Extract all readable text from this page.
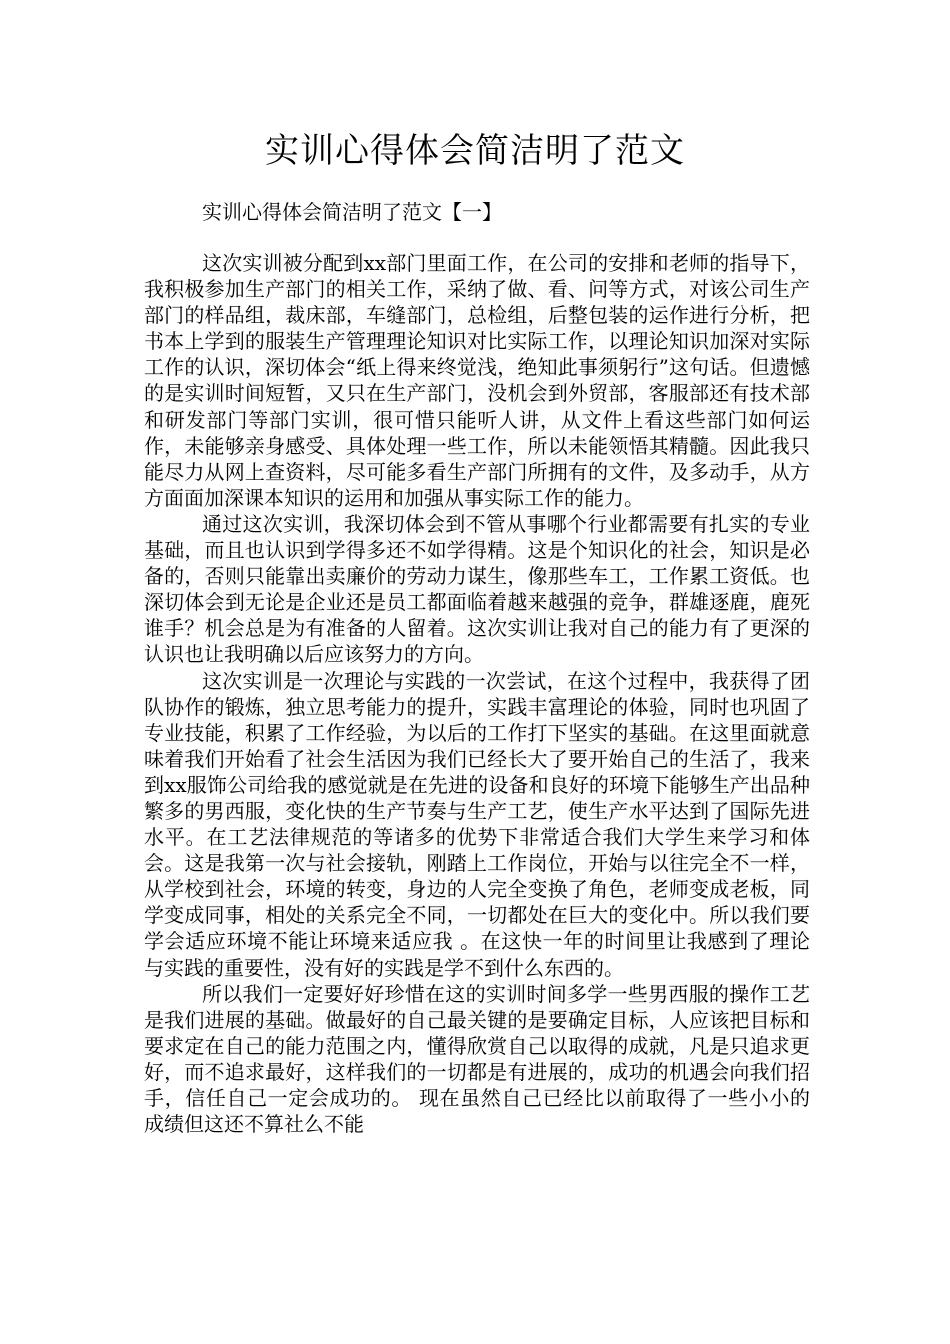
实训心得体会简洁明了范文
实训心得体会简洁明了范文【一】

这次实训被分配到xx部门里面工作，在公司的安排和老师的指导下，我积极参加生产部门的相关工作，采纳了做、看、问等方式，对该公司生产部门的样品组，裁床部，车缝部门，总检组，后整包装的运作进行分析，把书本上学到的服装生产管理理论知识对比实际工作，以理论知识加深对实际工作的认识，深切体会“纸上得来终觉浅，绝知此事须躬行”这句话。但遗憾的是实训时间短暂，又只在生产部门，没机会到外贸部，客服部还有技术部和研发部门等部门实训，很可惜只能听人讲，从文件上看这些部门如何运作，未能够亲身感受、具体处理一些工作，所以未能领悟其精髓。因此我只能尽力从网上查资料，尽可能多看生产部门所拥有的文件，及多动手，从方方面面加深课本知识的运用和加强从事实际工作的能力。

通过这次实训，我深切体会到不管从事哪个行业都需要有扎实的专业基础，而且也认识到学得多还不如学得精。这是个知识化的社会，知识是必备的，否则只能靠出卖廉价的劳动力谋生，像那些车工，工作累工资低。也深切体会到无论是企业还是员工都面临着越来越强的竞争，群雄逐鹿，鹿死谁手？机会总是为有准备的人留着。这次实训让我对自己的能力有了更深的认识也让我明确以后应该努力的方向。

这次实训是一次理论与实践的一次尝试，在这个过程中，我获得了团队协作的锻炼，独立思考能力的提升，实践丰富理论的体验，同时也巩固了专业技能，积累了工作经验，为以后的工作打下坚实的基础。在这里面就意味着我们开始看了社会生活因为我们已经长大了要开始自己的生活了，我来到xx服饰公司给我的感觉就是在先进的设备和良好的环境下能够生产出品种繁多的男西服，变化快的生产节奏与生产工艺，使生产水平达到了国际先进水平。在工艺法律规范的等诸多的优势下非常适合我们大学生来学习和体会。这是我第一次与社会接轨，刚踏上工作岗位，开始与以往完全不一样，从学校到社会，环境的转变，身边的人完全变换了角色，老师变成老板，同学变成同事，相处的关系完全不同，一切都处在巨大的变化中。所以我们要学会适应环境不能让环境来适应我 。在这快一年的时间里让我感到了理论与实践的重要性，没有好的实践是学不到什么东西的。

所以我们一定要好好珍惜在这的实训时间多学一些男西服的操作工艺是我们进展的基础。做最好的自己最关键的是要确定目标，人应该把目标和要求定在自己的能力范围之内，懂得欣赏自己以取得的成就，凡是只追求更好，而不追求最好，这样我们的一切都是有进展的，成功的机遇会向我们招手，信任自己一定会成功的。 现在虽然自己已经比以前取得了一些小小的成绩但这还不算社么不能
